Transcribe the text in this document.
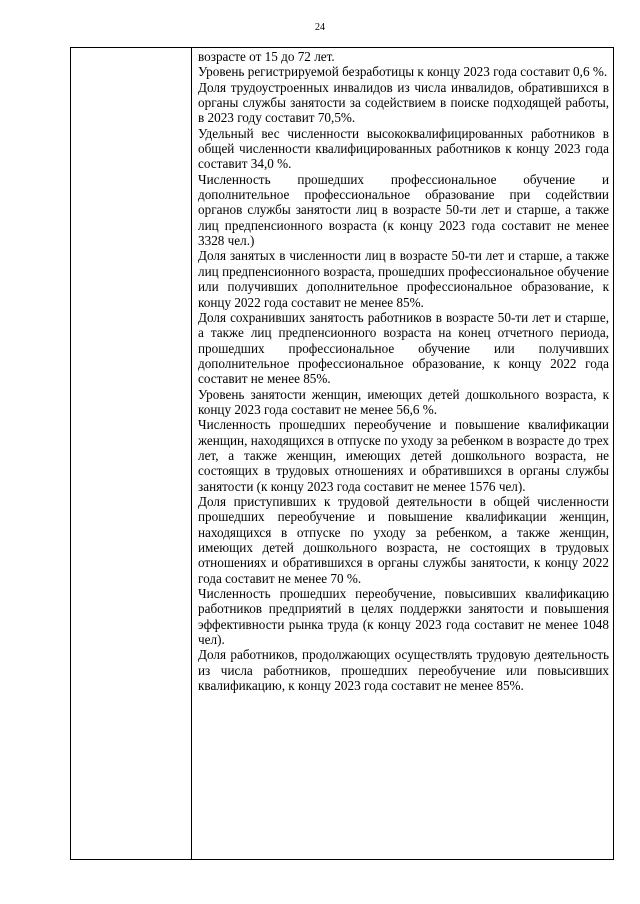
24

возрасте от 15 до 72 лет.

Уровень регистрируемой безработицы к концу 2023 года составит 0,6 %.

Доля трудоустроенных инвалидов из числа инвалидов, обратившихся в органы службы занятости за содействием в поиске подходящей работы, в 2023 году составит 70,5%.

Удельный вес численности высококвалифицированных работников в общей численности квалифицированных работников к концу 2023 года составит 34,0 %.

Численность прошедших профессиональное обучение и дополнительное профессиональное образование при содействии органов службы занятости лиц в возрасте 50-ти лет и старше, а также лиц предпенсионного возраста (к концу 2023 года составит не менее 3328 чел.)

Доля занятых в численности лиц в возрасте 50-ти лет и старше, а также лиц предпенсионного возраста, прошедших профессиональное обучение или получивших дополнительное профессиональное образование, к концу 2022 года составит не менее 85%.

Доля сохранивших занятость работников в возрасте 50-ти лет и старше, а также лиц предпенсионного возраста на конец отчетного периода, прошедших профессиональное обучение или получивших дополнительное профессиональное образование, к концу 2022 года составит не менее 85%.

Уровень занятости женщин, имеющих детей дошкольного возраста, к концу 2023 года составит не менее 56,6 %.

Численность прошедших переобучение и повышение квалификации женщин, находящихся в отпуске по уходу за ребенком в возрасте до трех лет, а также женщин, имеющих детей дошкольного возраста, не состоящих в трудовых отношениях и обратившихся в органы службы занятости (к концу 2023 года составит не менее 1576 чел).

Доля приступивших к трудовой деятельности в общей численности прошедших переобучение и повышение квалификации женщин, находящихся в отпуске по уходу за ребенком, а также женщин, имеющих детей дошкольного возраста, не состоящих в трудовых отношениях и обратившихся в органы службы занятости, к концу 2022 года составит не менее 70 %.

Численность прошедших переобучение, повысивших квалификацию работников предприятий в целях поддержки занятости и повышения эффективности рынка труда (к концу 2023 года составит не менее 1048 чел).

Доля работников, продолжающих осуществлять трудовую деятельность из числа работников, прошедших переобучение или повысивших квалификацию, к концу 2023 года составит не менее 85%.
